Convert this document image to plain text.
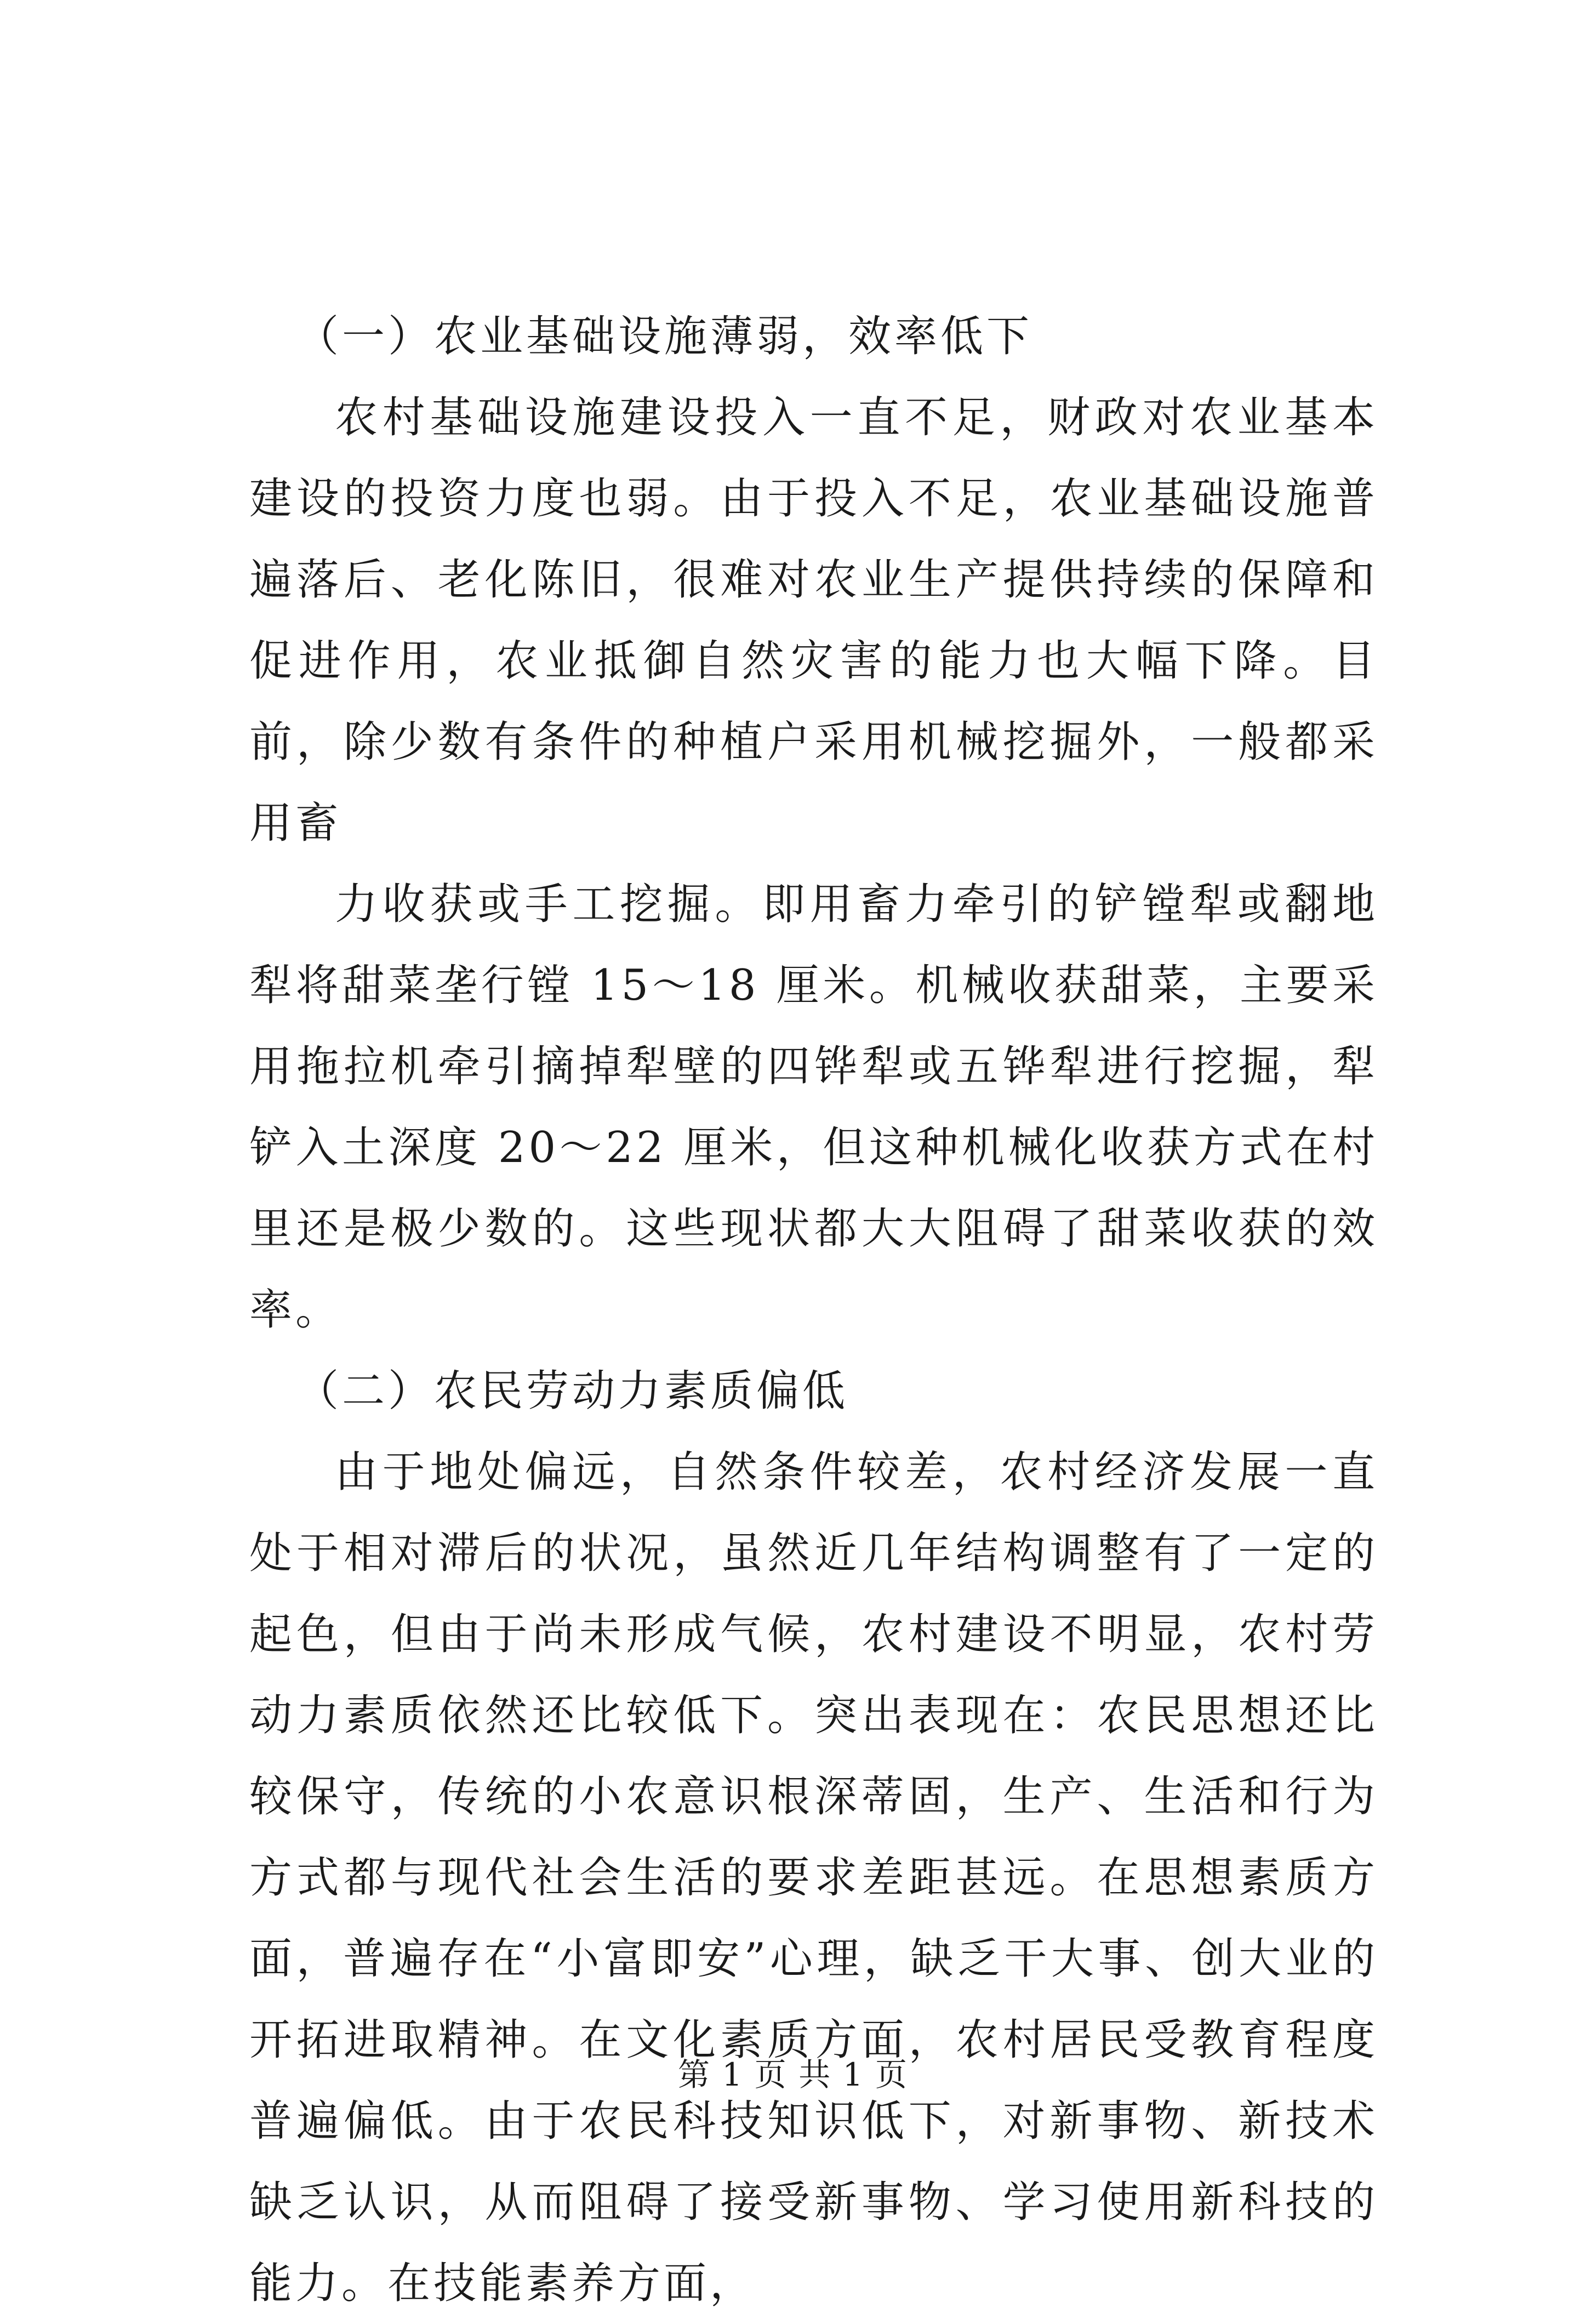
（一）农业基础设施薄弱，效率低下

农村基础设施建设投入一直不足，财政对农业基本建设的投资力度也弱。由于投入不足，农业基础设施普遍落后、老化陈旧，很难对农业生产提供持续的保障和促进作用，农业抵御自然灾害的能力也大幅下降。目前，除少数有条件的种植户采用机械挖掘外，一般都采用畜

力收获或手工挖掘。即用畜力牵引的铲镗犁或翻地犁将甜菜垄行镗 15～18 厘米。机械收获甜菜，主要采用拖拉机牵引摘掉犁壁的四铧犁或五铧犁进行挖掘，犁铲入土深度 20～22 厘米，但这种机械化收获方式在村里还是极少数的。这些现状都大大阻碍了甜菜收获的效率。

（二）农民劳动力素质偏低

由于地处偏远，自然条件较差，农村经济发展一直处于相对滞后的状况，虽然近几年结构调整有了一定的起色，但由于尚未形成气候，农村建设不明显，农村劳动力素质依然还比较低下。突出表现在：农民思想还比较保守，传统的小农意识根深蒂固，生产、生活和行为方式都与现代社会生活的要求差距甚远。在思想素质方面，普遍存在“小富即安”心理，缺乏干大事、创大业的开拓进取精神。在文化素质方面，农村居民受教育程度普遍偏低。由于农民科技知识低下，对新事物、新技术缺乏认识，从而阻碍了接受新事物、学习使用新科技的能力。在技能素养方面，

第 1 页 共 1 页
